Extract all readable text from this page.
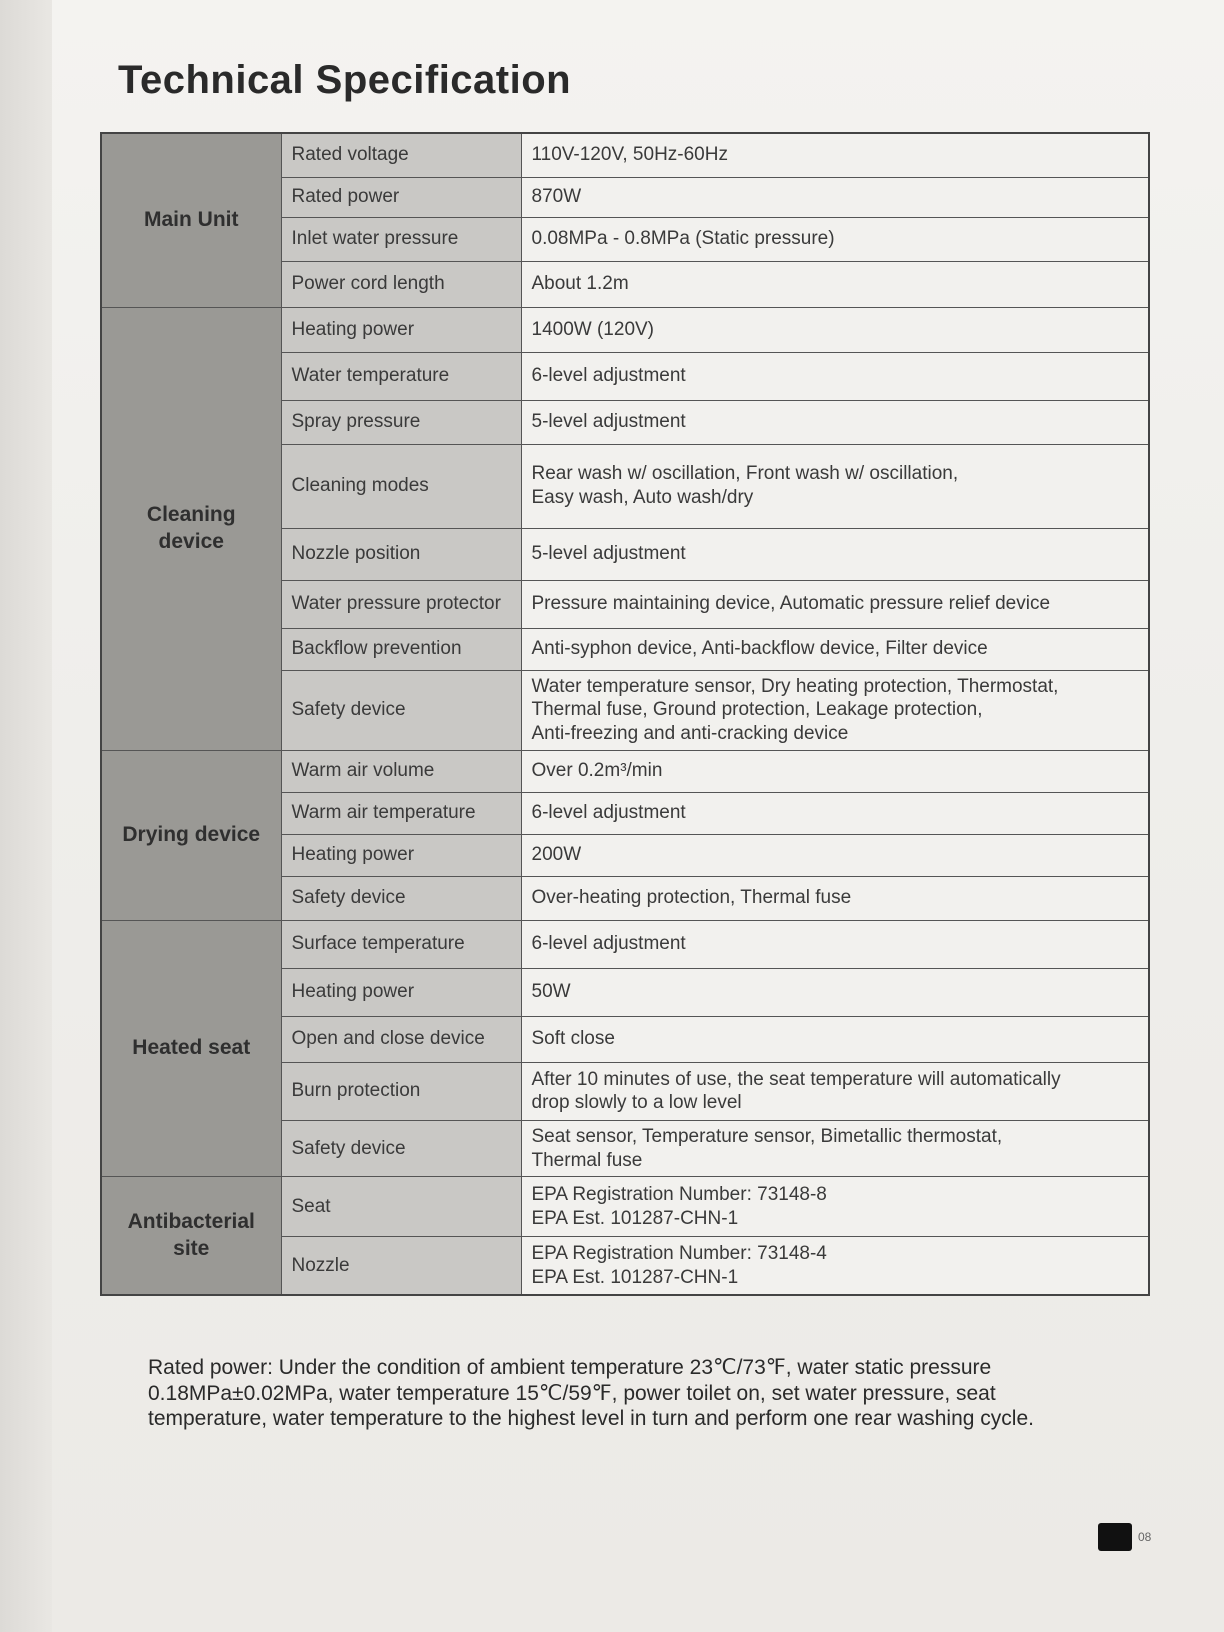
Technical Specification
Main Unit	Rated voltage	110V-120V, 50Hz-60Hz
	Rated power	870W
	Inlet water pressure	0.08MPa - 0.8MPa (Static pressure)
	Power cord length	About 1.2m
Cleaning device	Heating power	1400W (120V)
	Water temperature	6-level adjustment
	Spray pressure	5-level adjustment
	Cleaning modes	Rear wash w/ oscillation, Front wash w/ oscillation,
Easy wash, Auto wash/dry
	Nozzle position	5-level adjustment
	Water pressure protector	Pressure maintaining device, Automatic pressure relief device
	Backflow prevention	Anti-syphon device, Anti-backflow device, Filter device
	Safety device	Water temperature sensor, Dry heating protection, Thermostat,
Thermal fuse, Ground protection, Leakage protection,
Anti-freezing and anti-cracking device
Drying device	Warm air volume	Over 0.2m³/min
	Warm air temperature	6-level adjustment
	Heating power	200W
	Safety device	Over-heating protection, Thermal fuse
Heated seat	Surface temperature	6-level adjustment
	Heating power	50W
	Open and close device	Soft close
	Burn protection	After 10 minutes of use, the seat temperature will automatically
drop slowly to a low level
	Safety device	Seat sensor, Temperature sensor, Bimetallic thermostat,
Thermal fuse
Antibacterial site	Seat	EPA Registration Number: 73148-8
EPA Est. 101287-CHN-1
	Nozzle	EPA Registration Number: 73148-4
EPA Est. 101287-CHN-1
Rated power: Under the condition of ambient temperature 23℃/73℉, water static pressure 0.18MPa±0.02MPa, water temperature 15℃/59℉, power toilet on, set water pressure, seat temperature, water temperature to the highest level in turn and perform one rear washing cycle.
08
